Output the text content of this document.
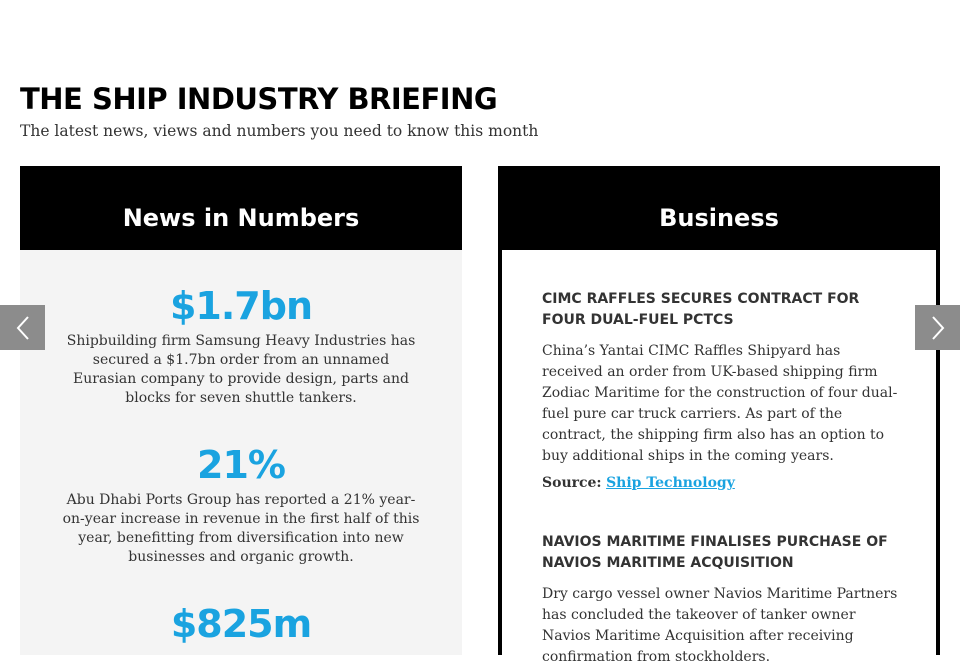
THE SHIP INDUSTRY BRIEFING

The latest news, views and numbers you need to know this month

News in Numbers
$1.7bn
Shipbuilding firm Samsung Heavy Industries has secured a $1.7bn order from an unnamed Eurasian company to provide design, parts and blocks for seven shuttle tankers.
21%
Abu Dhabi Ports Group has reported a 21% year-on-year increase in revenue in the first half of this year, benefitting from diversification into new businesses and organic growth.
$825m
Business
CIMC RAFFLES SECURES CONTRACT FOR FOUR DUAL-FUEL PCTCS

China’s Yantai CIMC Raffles Shipyard has received an order from UK-based shipping firm Zodiac Maritime for the construction of four dual-fuel pure car truck carriers. As part of the contract, the shipping firm also has an option to buy additional ships in the coming years.

Source: Ship Technology
NAVIOS MARITIME FINALISES PURCHASE OF NAVIOS MARITIME ACQUISITION

Dry cargo vessel owner Navios Maritime Partners has concluded the takeover of tanker owner Navios Maritime Acquisition after receiving confirmation from stockholders.
